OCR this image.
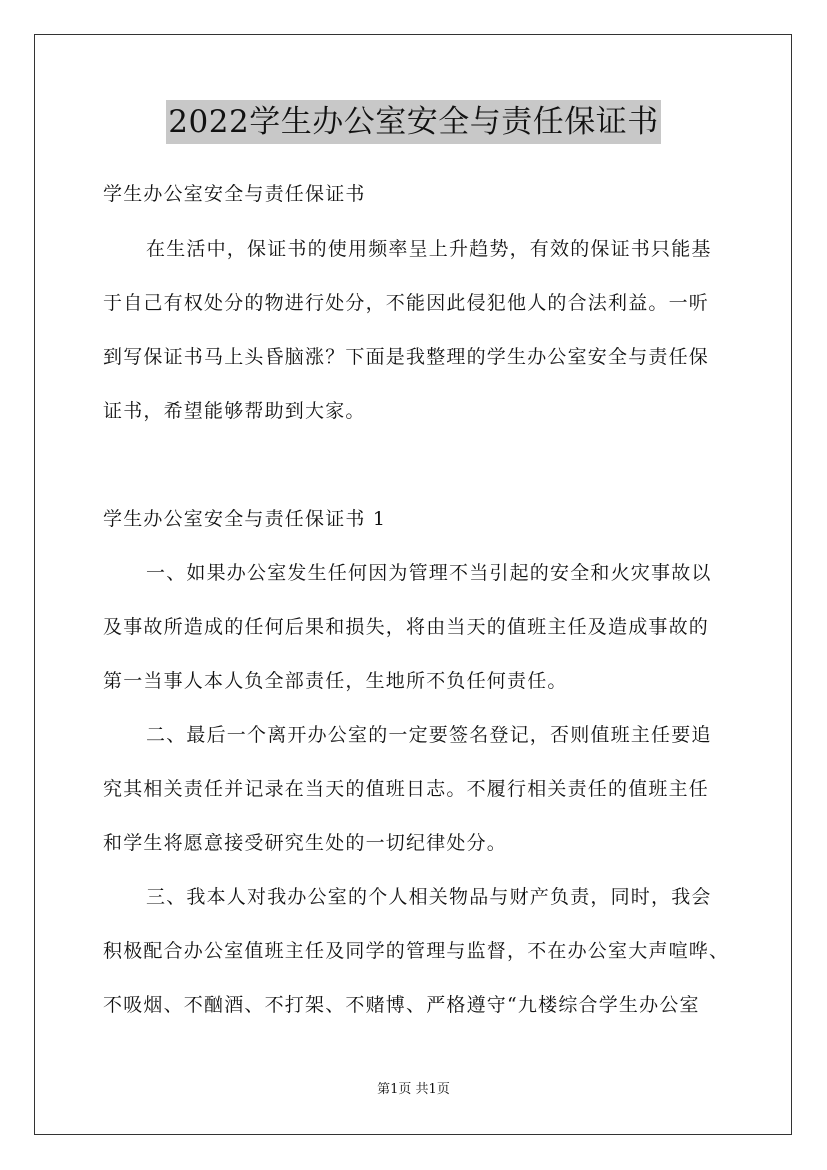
2022学生办公室安全与责任保证书
学生办公室安全与责任保证书
在生活中，保证书的使用频率呈上升趋势，有效的保证书只能基
于自己有权处分的物进行处分，不能因此侵犯他人的合法利益。一听
到写保证书马上头昏脑涨？下面是我整理的学生办公室安全与责任保
证书，希望能够帮助到大家。
学生办公室安全与责任保证书 1
一、如果办公室发生任何因为管理不当引起的安全和火灾事故以
及事故所造成的任何后果和损失，将由当天的值班主任及造成事故的
第一当事人本人负全部责任，生地所不负任何责任。
二、最后一个离开办公室的一定要签名登记，否则值班主任要追
究其相关责任并记录在当天的值班日志。不履行相关责任的值班主任
和学生将愿意接受研究生处的一切纪律处分。
三、我本人对我办公室的个人相关物品与财产负责，同时，我会
积极配合办公室值班主任及同学的管理与监督，不在办公室大声喧哗、
不吸烟、不酗酒、不打架、不赌博、严格遵守“九楼综合学生办公室
第1页 共1页
